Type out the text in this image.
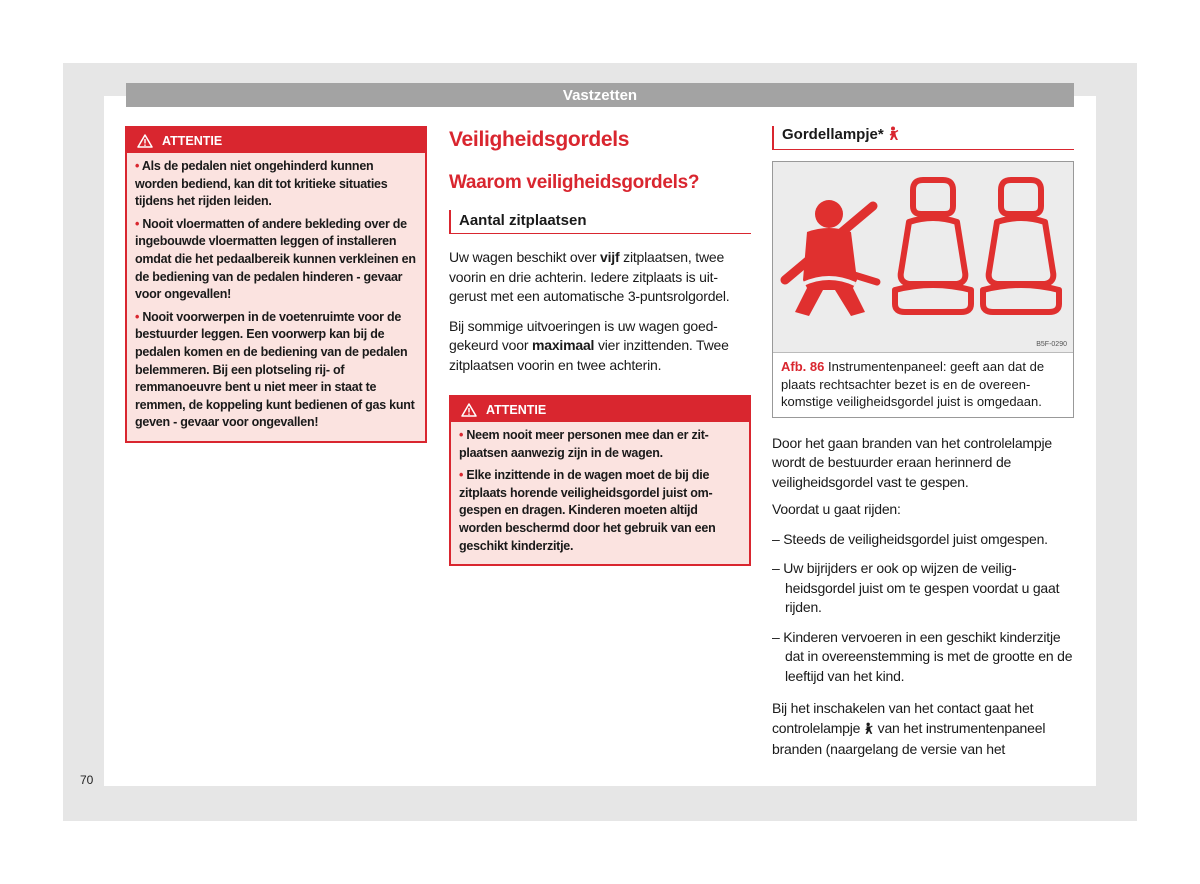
Vastzetten
ATTENTIE
• Als de pedalen niet ongehinderd kunnen worden bediend, kan dit tot kritieke situaties tijdens het rijden leiden.
• Nooit vloermatten of andere bekleding over de ingebouwde vloermatten leggen of installeren omdat die het pedaalbereik kunnen verkleinen en de bediening van de pedalen hinderen - gevaar voor ongevallen!
• Nooit voorwerpen in de voetenruimte voor de bestuurder leggen. Een voorwerp kan bij de pedalen komen en de bediening van de pedalen belemmeren. Bij een plotseling rij- of remmanoeuvre bent u niet meer in staat te remmen, de koppeling kunt bedienen of gas kunt geven - gevaar voor ongevallen!
Veiligheidsgordels
Waarom veiligheidsgordels?
Aantal zitplaatsen

Uw wagen beschikt over vijf zitplaatsen, twee voorin en drie achterin. Iedere zitplaats is uitgerust met een automatische 3-puntsrolgordel.

Bij sommige uitvoeringen is uw wagen goedgekeurd voor maximaal vier inzittenden. Twee zitplaatsen voorin en twee achterin.

ATTENTIE
• Neem nooit meer personen mee dan er zitplaatsen aanwezig zijn in de wagen.
• Elke inzittende in de wagen moet de bij die zitplaats horende veiligheidsgordel juist omgespen en dragen. Kinderen moeten altijd worden beschermd door het gebruik van een geschikt kinderzitje.
Gordellampje*
B5F-0290
Afb. 86 Instrumentenpaneel: geeft aan dat de plaats rechtsachter bezet is en de overeenkomstige veiligheidsgordel juist is omgedaan.

Door het gaan branden van het controlelampje wordt de bestuurder eraan herinnerd de veiligheidsgordel vast te gespen.

Voordat u gaat rijden:

– Steeds de veiligheidsgordel juist omgespen.
– Uw bijrijders er ook op wijzen de veiligheidsgordel juist om te gespen voordat u gaat rijden.
– Kinderen vervoeren in een geschikt kinderzitje dat in overeenstemming is met de grootte en de leeftijd van het kind.

Bij het inschakelen van het contact gaat het controlelampje  van het instrumentenpaneel branden (naargelang de versie van het

70
